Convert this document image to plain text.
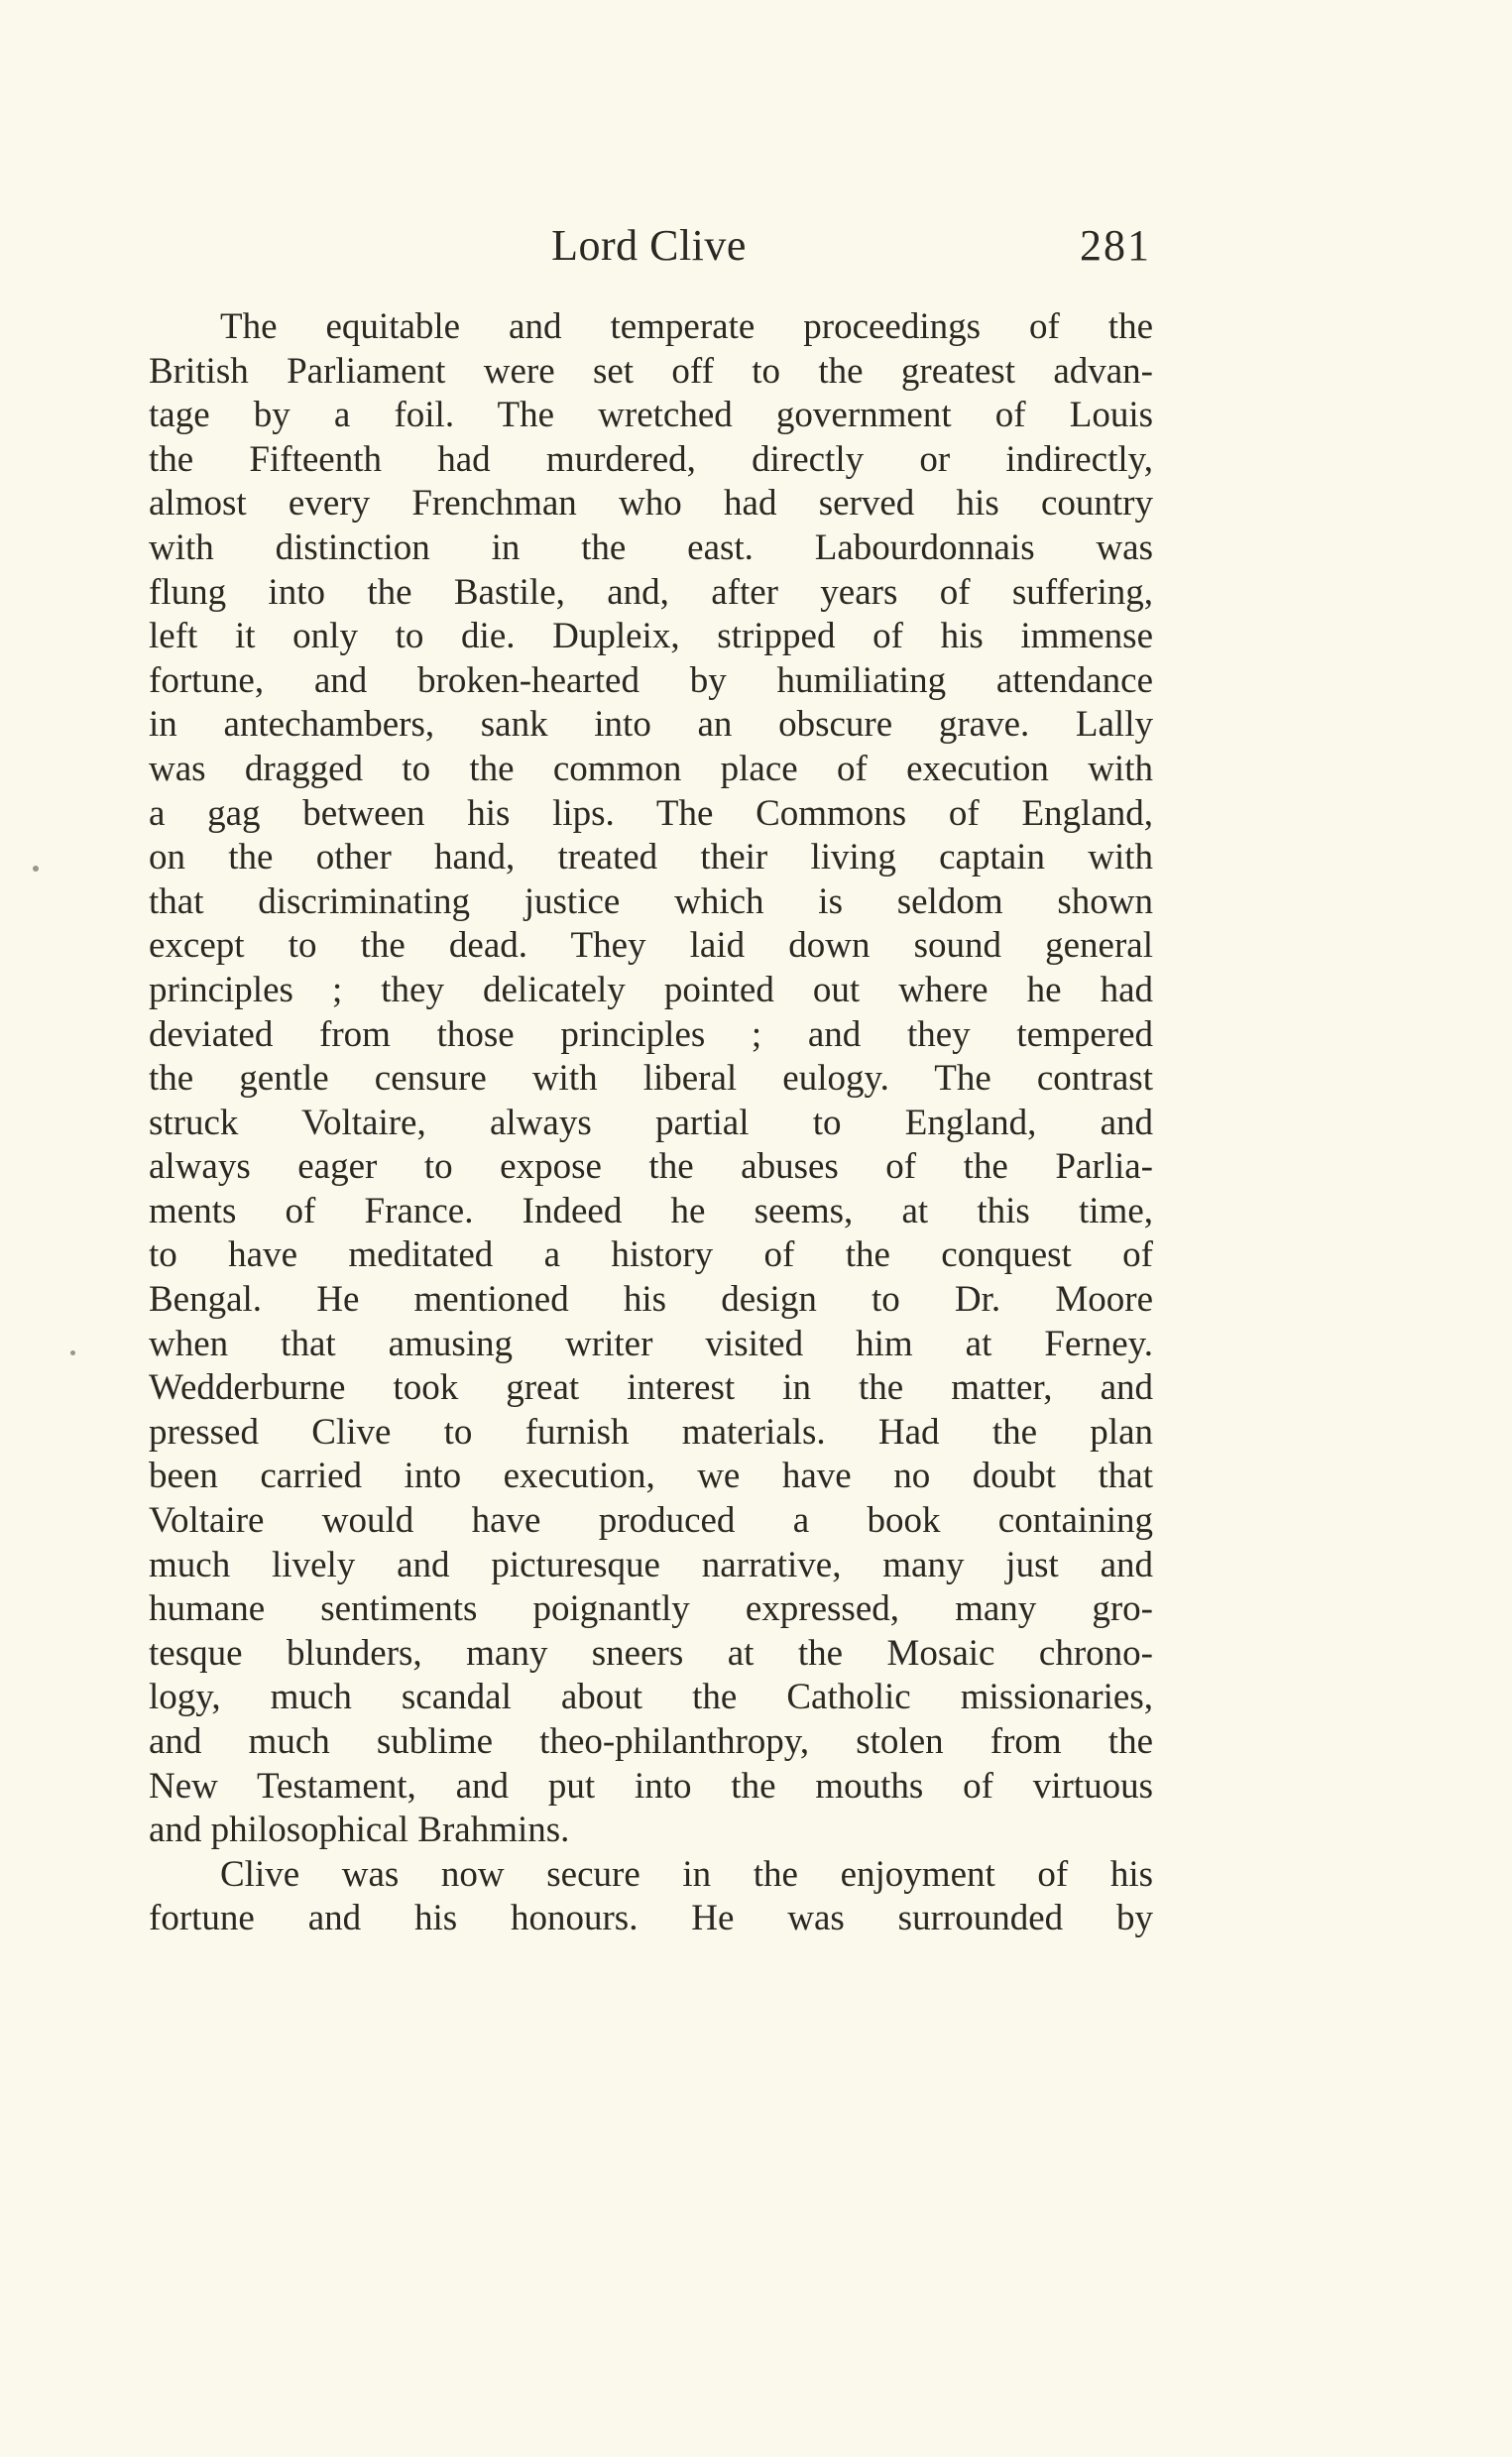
Lord Clive	281
The equitable and temperate proceedings of the
British Parliament were set off to the greatest advan-
tage by a foil. The wretched government of Louis
the Fifteenth had murdered, directly or indirectly,
almost every Frenchman who had served his country
with distinction in the east. Labourdonnais was
flung into the Bastile, and, after years of suffering,
left it only to die. Dupleix, stripped of his immense
fortune, and broken-hearted by humiliating attendance
in antechambers, sank into an obscure grave. Lally
was dragged to the common place of execution with
a gag between his lips. The Commons of England,
on the other hand, treated their living captain with
that discriminating justice which is seldom shown
except to the dead. They laid down sound general
principles ; they delicately pointed out where he had
deviated from those principles ; and they tempered
the gentle censure with liberal eulogy. The contrast
struck Voltaire, always partial to England, and
always eager to expose the abuses of the Parlia-
ments of France. Indeed he seems, at this time,
to have meditated a history of the conquest of
Bengal. He mentioned his design to Dr. Moore
when that amusing writer visited him at Ferney.
Wedderburne took great interest in the matter, and
pressed Clive to furnish materials. Had the plan
been carried into execution, we have no doubt that
Voltaire would have produced a book containing
much lively and picturesque narrative, many just and
humane sentiments poignantly expressed, many gro-
tesque blunders, many sneers at the Mosaic chrono-
logy, much scandal about the Catholic missionaries,
and much sublime theo-philanthropy, stolen from the
New Testament, and put into the mouths of virtuous
and philosophical Brahmins.
Clive was now secure in the enjoyment of his
fortune and his honours. He was surrounded by
